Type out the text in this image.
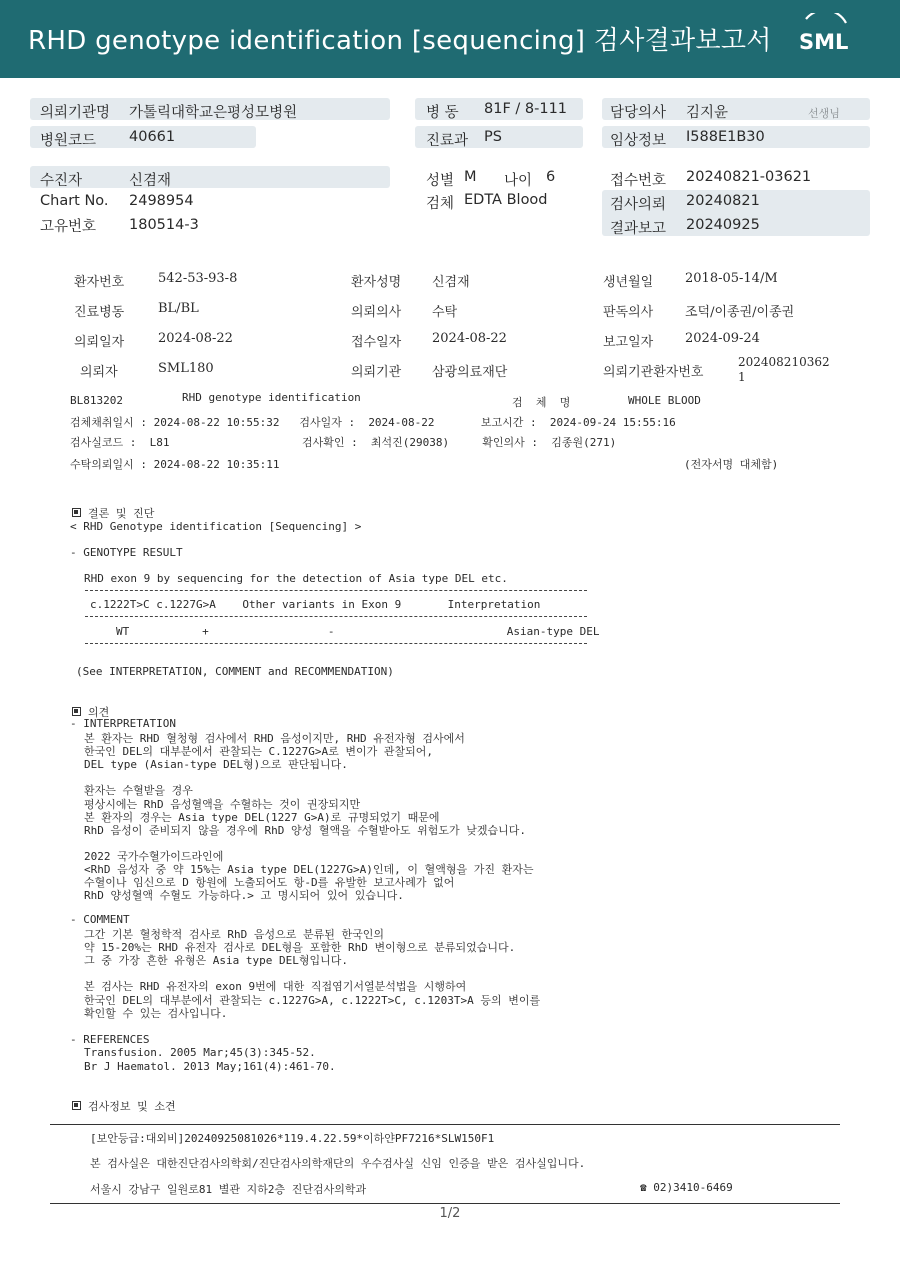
RHD genotype identification [sequencing] 검사결과보고서 SML
의뢰기관명 가톨릭대학교은평성모병원	병 동 81F / 8-111	담당의사 김지윤	선생님
병원코드 40661	진료과 PS	임상정보 I588E1B30
수진자	신겸재	성별 M 나이 6	접수번호 20240821-03621
Chart No. 2498954	검체 EDTA Blood	검사의뢰 20240821
고유번호 180514-3	결과보고 20240925
환자번호	542-53-93-8	환자성명 신겸재	생년월일 2018-05-14/M
진료병동	BL/BL	의뢰의사 수탁	판독의사 조덕/이종권/이종권
의뢰일자	2024-08-22	접수일자 2024-08-22	보고일자 2024-09-24
의뢰자	SML180	의뢰기관 삼광의료재단	의뢰기관환자번호
202408210362
1
BL813202	RHD genotype identification	검  체  명	WHOLE BLOOD
검체채취일시 : 2024-08-22 10:55:32   검사일자 :  2024-08-22       보고시간 :  2024-09-24 15:55:16
검사실코드 :  L81                    검사확인 :  최석진(29038)     확인의사 :  김종원(271)
수탁의뢰일시 : 2024-08-22 10:35:11	(전자서명 대체함)
결론 및 진단
< RHD Genotype identification [Sequencing] >
- GENOTYPE RESULT
RHD exon 9 by sequencing for the detection of Asia type DEL etc.
c.1222T>C c.1227G>A    Other variants in Exon 9       Interpretation
WT           +                  -                          Asian-type DEL
(See INTERPRETATION, COMMENT and RECOMMENDATION)
의견
- INTERPRETATION
본 환자는 RHD 혈청형 검사에서 RHD 음성이지만, RHD 유전자형 검사에서
한국인 DEL의 대부분에서 관찰되는 C.1227G>A로 변이가 관찰되어,
DEL type (Asian-type DEL형)으로 판단됩니다.
환자는 수혈받을 경우
평상시에는 RhD 음성혈액을 수혈하는 것이 권장되지만
본 환자의 경우는 Asia type DEL(1227 G>A)로 규명되었기 때문에
RhD 음성이 준비되지 않을 경우에 RhD 양성 혈액을 수혈받아도 위험도가 낮겠습니다.
2022 국가수혈가이드라인에
<RhD 음성자 중 약 15%는 Asia type DEL(1227G>A)인데, 이 혈액형을 가진 환자는
수혈이나 임신으로 D 항원에 노출되어도 항-D를 유발한 보고사례가 없어
RhD 양성혈액 수혈도 가능하다.> 고 명시되어 있어 있습니다.
- COMMENT
그간 기본 혈청학적 검사로 RhD 음성으로 분류된 한국인의
약 15-20%는 RHD 유전자 검사로 DEL형을 포함한 RhD 변이형으로 분류되었습니다.
그 중 가장 흔한 유형은 Asia type DEL형입니다.
본 검사는 RHD 유전자의 exon 9번에 대한 직접염기서열분석법을 시행하여
한국인 DEL의 대부분에서 관찰되는 c.1227G>A, c.1222T>C, c.1203T>A 등의 변이를
확인할 수 있는 검사입니다.
- REFERENCES
Transfusion. 2005 Mar;45(3):345-52.
Br J Haematol. 2013 May;161(4):461-70.
검사정보 및 소견
[보안등급:대외비]20240925081026*119.4.22.59*이하얀PF7216*SLW150F1
본 검사실은 대한진단검사의학회/진단검사의학재단의 우수검사실 신임 인증을 받은 검사실입니다.
서울시 강남구 일원로81 별관 지하2층 진단검사의학과	☎ 02)3410-6469
1/2
